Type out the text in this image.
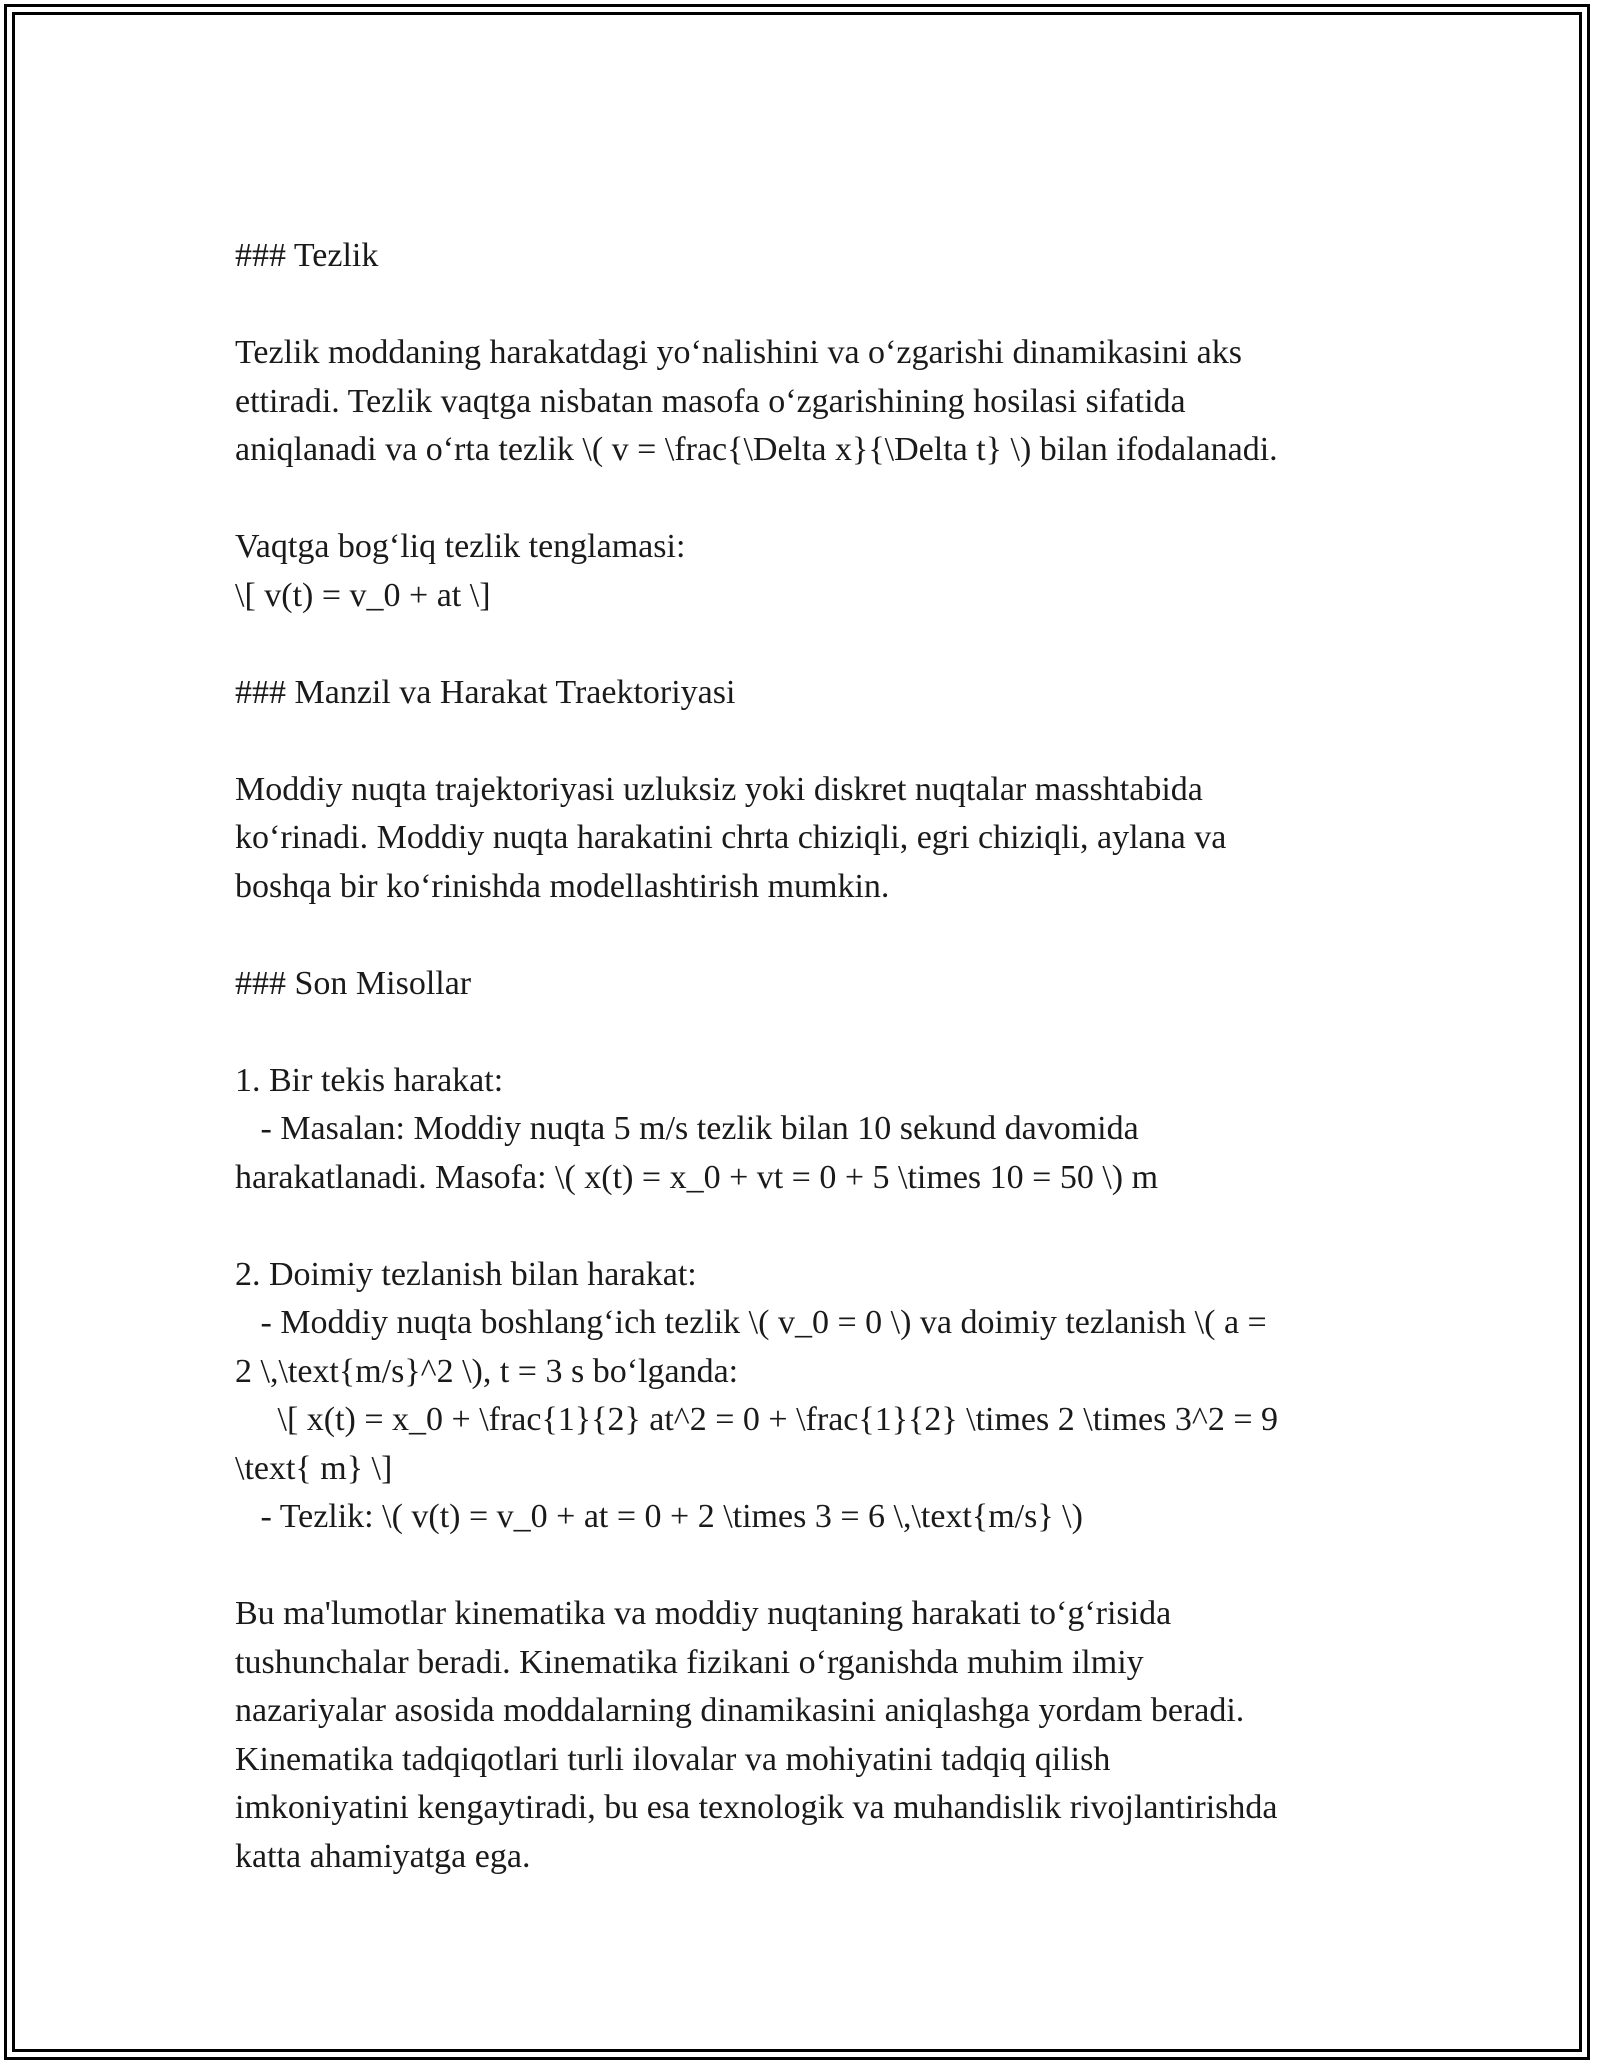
### Tezlik
Tezlik moddaning harakatdagi yo‘nalishini va o‘zgarishi dinamikasini aks
ettiradi. Tezlik vaqtga nisbatan masofa o‘zgarishining hosilasi sifatida
aniqlanadi va o‘rta tezlik \( v = \frac{\Delta x}{\Delta t} \) bilan ifodalanadi.
Vaqtga bog‘liq tezlik tenglamasi:
\[ v(t) = v_0 + at \]
### Manzil va Harakat Traektoriyasi
Moddiy nuqta trajektoriyasi uzluksiz yoki diskret nuqtalar masshtabida
ko‘rinadi. Moddiy nuqta harakatini chrta chiziqli, egri chiziqli, aylana va
boshqa bir ko‘rinishda modellashtirish mumkin.
### Son Misollar
1. Bir tekis harakat:
- Masalan: Moddiy nuqta 5 m/s tezlik bilan 10 sekund davomida
harakatlanadi. Masofa: \( x(t) = x_0 + vt = 0 + 5 \times 10 = 50 \) m
2. Doimiy tezlanish bilan harakat:
- Moddiy nuqta boshlang‘ich tezlik \( v_0 = 0 \) va doimiy tezlanish \( a =
2 \,\text{m/s}^2 \), t = 3 s bo‘lganda:
\[ x(t) = x_0 + \frac{1}{2} at^2 = 0 + \frac{1}{2} \times 2 \times 3^2 = 9
\text{ m} \]
- Tezlik: \( v(t) = v_0 + at = 0 + 2 \times 3 = 6 \,\text{m/s} \)
Bu ma'lumotlar kinematika va moddiy nuqtaning harakati to‘g‘risida
tushunchalar beradi. Kinematika fizikani o‘rganishda muhim ilmiy
nazariyalar asosida moddalarning dinamikasini aniqlashga yordam beradi.
Kinematika tadqiqotlari turli ilovalar va mohiyatini tadqiq qilish
imkoniyatini kengaytiradi, bu esa texnologik va muhandislik rivojlantirishda
katta ahamiyatga ega.
